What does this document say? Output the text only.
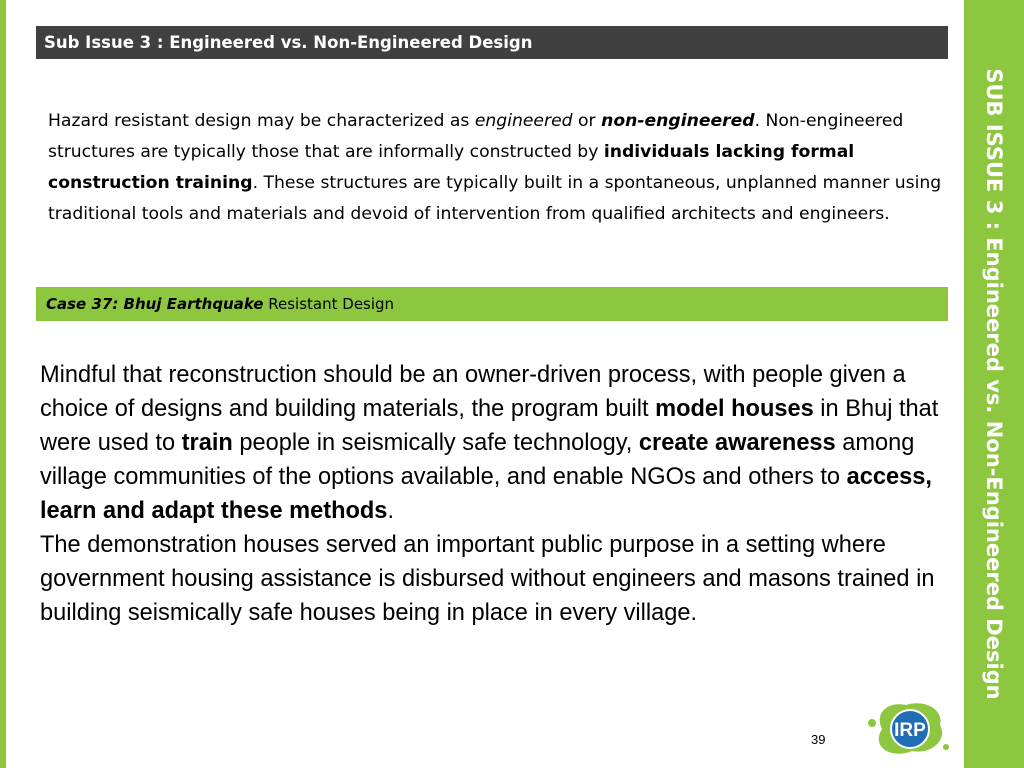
Sub Issue 3 : Engineered vs. Non-Engineered Design
Hazard resistant design may be characterized as engineered or non-engineered. Non-engineered structures are typically those that are informally constructed by individuals lacking formal construction training. These structures are typically built in a spontaneous, unplanned manner using traditional tools and materials and devoid of intervention from qualified architects and engineers.
Case 37: Bhuj Earthquake Resistant Design

Mindful that reconstruction should be an owner-driven process, with people given a choice of designs and building materials, the program built model houses in Bhuj that were used to train people in seismically safe technology, create awareness among village communities of the options available, and enable NGOs and others to access, learn and adapt these methods.

The demonstration houses served an important public purpose in a setting where government housing assistance is disbursed without engineers and masons trained in building seismically safe houses being in place in every village.

39	IRP
SUB ISSUE 3 : Engineered vs. Non-Engineered Design
